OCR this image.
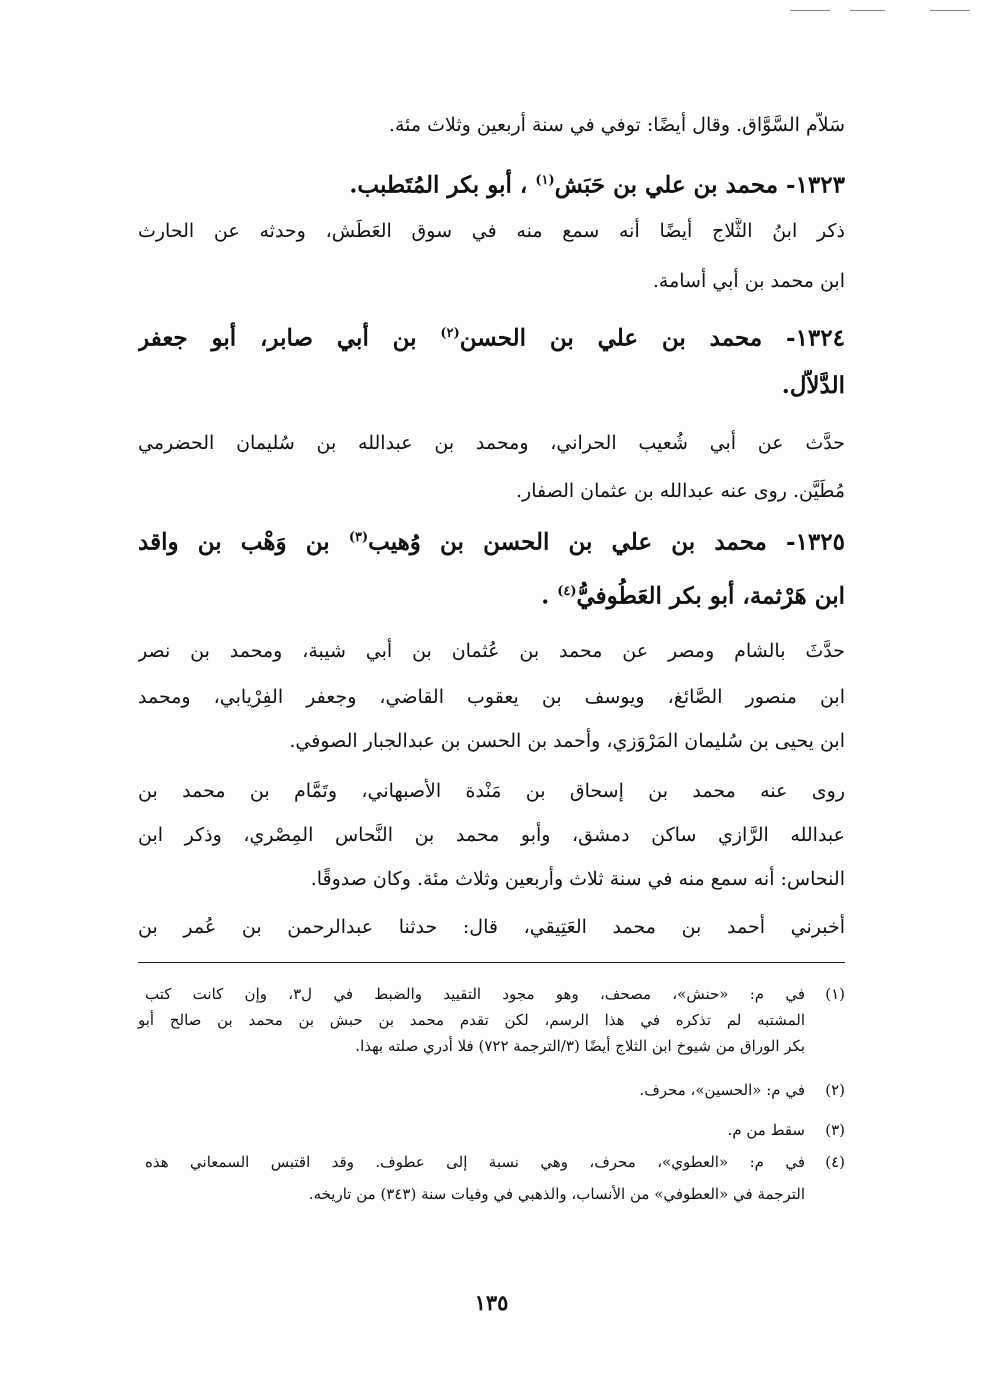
سَلاَّم السَّوَّاق. وقال أيضًا: توفي في سنة أربعين وثلاث مئة.
١٣٢٣- محمد بن علي بن حَبَش$^{(١)}$ ، أبو بكر المُتَطبب.
ذكر ابنُ الثَّلاج أيضًا أنه سمع منه في سوق العَطَش، وحدثه عن الحارث
ابن محمد بن أبي أُسامة.
١٣٢٤- محمد بن علي بن الحسن$^{(٢)}$ بن أبي صابر، أبو جعفر
الدَّلاَّل.
حدَّث عن أبي شُعيب الحراني، ومحمد بن عبدالله بن سُليمان الحضرمي
مُطَيَّن. روى عنه عبدالله بن عثمان الصفار.
١٣٢٥- محمد بن علي بن الحسن بن وُهيب$^{(٣)}$ بن وَهْب بن واقد
ابن هَرْثمة، أبو بكر العَطُوفيُّ$^{(٤)}$ .
حدَّثَ بالشام ومصر عن محمد بن عُثمان بن أبي شيبة، ومحمد بن نصر
ابن منصور الصَّائغ، ويوسف بن يعقوب القاضي، وجعفر الفِرْيابي، ومحمد
ابن يحيى بن سُليمان المَرْوَزي، وأحمد بن الحسن بن عبدالجبار الصوفي.
روى عنه محمد بن إسحاق بن مَنْدة الأصبهاني، وتَمَّام بن محمد بن
عبدالله الرَّازي ساكن دمشق، وأبو محمد بن النَّحاس المِصْري، وذكر ابن
النحاس: أنه سمع منه في سنة ثلاث وأربعين وثلاث مئة. وكان صدوقًا.
أخبرني أحمد بن محمد العَتِيقي، قال: حدثنا عبدالرحمن بن عُمر بن
(١)في م: «حنش»، مصحف، وهو مجود التقييد والضبط في ل٣، وإن كانت كتب
المشتبه لم تذكره في هذا الرسم، لكن تقدم محمد بن حبش بن محمد بن صالح أبو
بكر الوراق من شيوخ ابن الثلاج أيضًا (٣/الترجمة ٧٢٢) فلا أدري صلته بهذا.
(٢)في م: «الحسين»، محرف.
(٣)سقط من م.
(٤)في م: «العطوي»، محرف، وهي نسبة إلى عطوف. وقد اقتبس السمعاني هذه
الترجمة في «العطوفي» من الأنساب، والذهبي في وفيات سنة (٣٤٣) من تاريخه.
١٣٥
